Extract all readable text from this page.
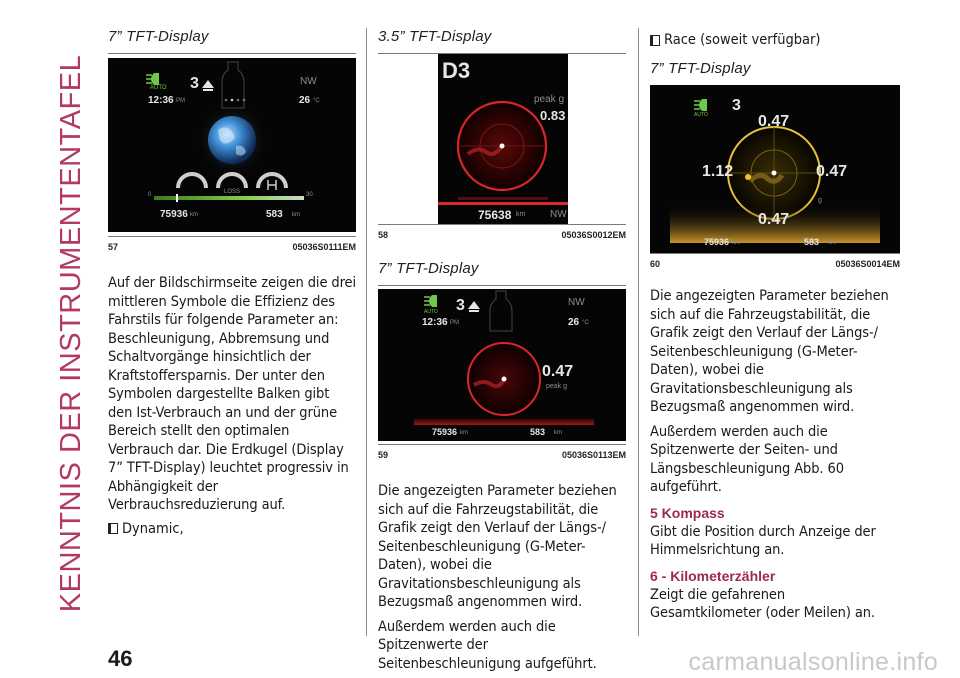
KENNTNIS DER INSTRUMENTENTAFEL
7” TFT-Display
AUTO 3
12:36 PM
NW
26 °C
0	LOSS	30
75936 km	583 km
57	05036S0111EM
Auf der Bildschirmseite zeigen die drei mittleren Symbole die Effizienz des Fahrstils für folgende Parameter an: Beschleunigung, Abbremsung und Schaltvorgänge hinsichtlich der Kraftstoffersparnis. Der unter den Symbolen dargestellte Balken gibt den Ist-Verbrauch an und der grüne Bereich stellt den optimalen Verbrauch dar. Die Erdkugel (Display 7” TFT-Display) leuchtet progressiv in Abhängigkeit der Verbrauchsreduzierung auf.
Dynamic,
3.5” TFT-Display
D3
peak g
0.83
75638 km NW
58	05036S0012EM
7” TFT-Display
AUTO 3
12:36 PM
NW
26 °C
0.47
peak g
75936 km	583 km
59	05036S0113EM
Die angezeigten Parameter beziehen sich auf die Fahrzeugstabilität, die Grafik zeigt den Verlauf der Längs-/ Seitenbeschleunigung (G-Meter-Daten), wobei die Gravitationsbeschleunigung als Bezugsmaß angenommen wird.
Außerdem werden auch die Spitzenwerte der Seitenbeschleunigung aufgeführt.
Race (soweit verfügbar)
7” TFT-Display
AUTO
3
0.47
1.12	0.47
g
0.47
75936 km	583 km
60	05036S0014EM
Die angezeigten Parameter beziehen sich auf die Fahrzeugstabilität, die Grafik zeigt den Verlauf der Längs-/ Seitenbeschleunigung (G-Meter-Daten), wobei die Gravitationsbeschleunigung als Bezugsmaß angenommen wird.
Außerdem werden auch die Spitzenwerte der Seiten- und Längsbeschleunigung Abb. 60 aufgeführt.
5 Kompass
Gibt die Position durch Anzeige der Himmelsrichtung an.
6 - Kilometerzähler
Zeigt die gefahrenen Gesamtkilometer (oder Meilen) an.
46	carmanualsonline.info
